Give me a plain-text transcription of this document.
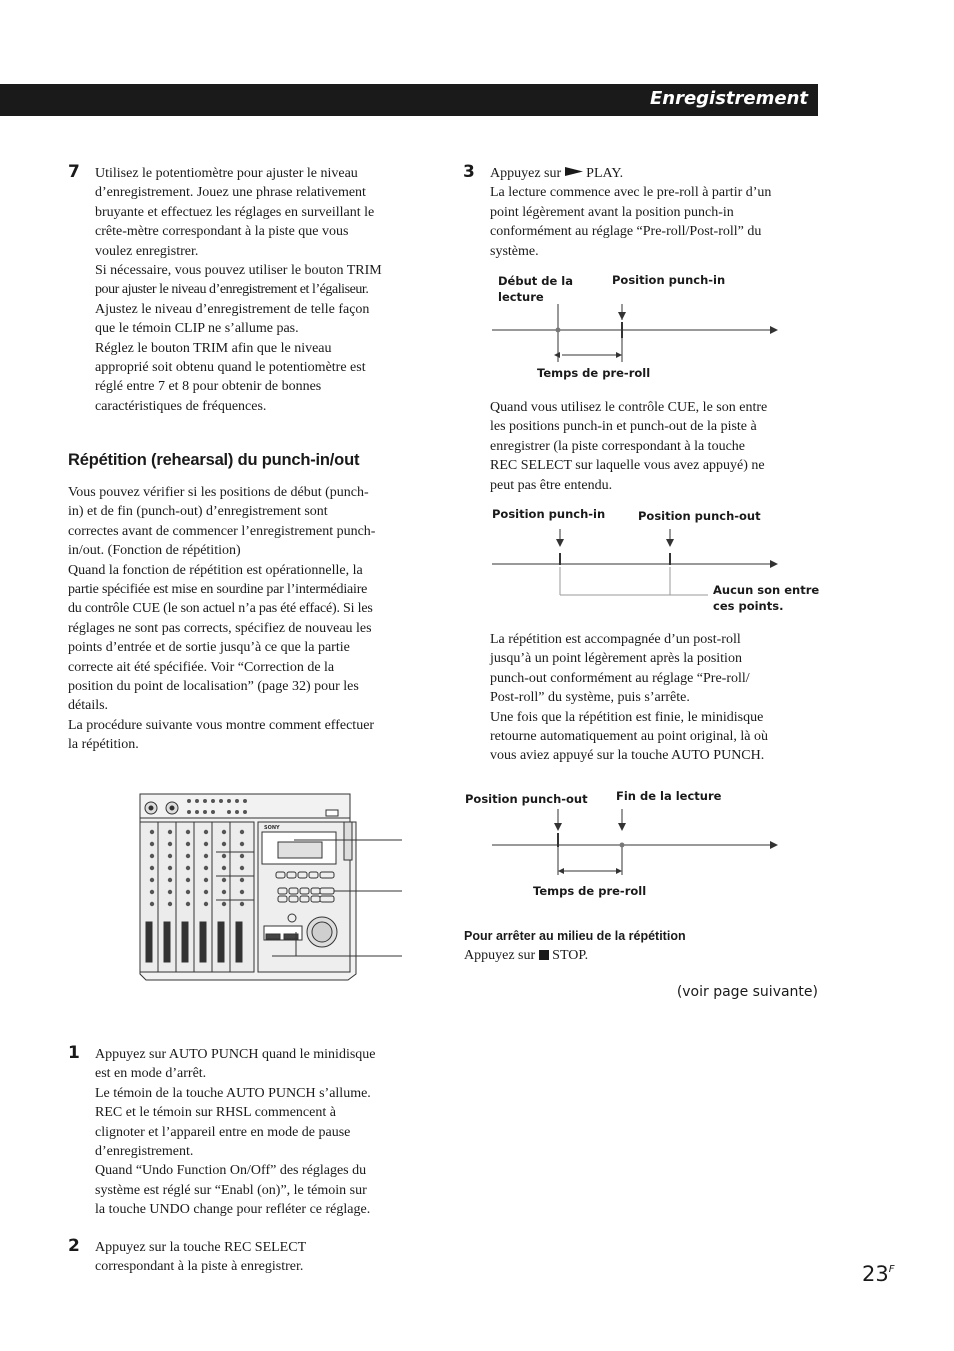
Enregistrement
7 Utilisez le potentiomètre pour ajuster le niveau

d’enregistrement. Jouez une phrase relativement

bruyante et effectuez les réglages en surveillant le

crête-mètre correspondant à la piste que vous

voulez enregistrer.

Si nécessaire, vous pouvez utiliser le bouton TRIM

pour ajuster le niveau d’enregistrement et l’égaliseur.

Ajustez le niveau d’enregistrement de telle façon

que le témoin CLIP ne s’allume pas.

Réglez le bouton TRIM afin que le niveau

approprié soit obtenu quand le potentiomètre est

réglé entre 7 et 8 pour obtenir de bonnes

caractéristiques de fréquences.

Répétition (rehearsal) du punch-in/out

Vous pouvez vérifier si les positions de début (punch-

in) et de fin (punch-out) d’enregistrement sont

correctes avant de commencer l’enregistrement punch-

in/out. (Fonction de répétition)

Quand la fonction de répétition est opérationnelle, la

partie spécifiée est mise en sourdine par l’intermédiaire

du contrôle CUE (le son actuel n’a pas été effacé). Si les

réglages ne sont pas corrects, spécifiez de nouveau les

points d’entrée et de sortie jusqu’à ce que la partie

correcte ait été spécifiée. Voir “Correction de la

position du point de localisation” (page 32) pour les

détails.

La procédure suivante vous montre comment effectuer

la répétition.

SONY
1 Appuyez sur AUTO PUNCH quand le minidisque

est en mode d’arrêt.

Le témoin de la touche AUTO PUNCH s’allume.

REC et le témoin sur RHSL commencent à

clignoter et l’appareil entre en mode de pause

d’enregistrement.

Quand “Undo Function On/Off” des réglages du

système est réglé sur “Enabl (on)”, le témoin sur

la touche UNDO change pour refléter ce réglage.

2 Appuyez sur la touche REC SELECT

correspondant à la piste à enregistrer.

3 Appuyez sur PLAY.

La lecture commence avec le pre-roll à partir d’un

point légèrement avant la position punch-in

conformément au réglage “Pre-roll/Post-roll” du

système.

Début de la
lecture
Position punch-in
Temps de pre-roll

Quand vous utilisez le contrôle CUE, le son entre

les positions punch-in et punch-out de la piste à

enregistrer (la piste correspondant à la touche

REC SELECT sur laquelle vous avez appuyé) ne

peut pas être entendu.

Position punch-in	Position punch-out
Aucun son entre
ces points.

La répétition est accompagnée d’un post-roll

jusqu’à un point légèrement après la position

punch-out conformément au réglage “Pre-roll/

Post-roll” du système, puis s’arrête.

Une fois que la répétition est finie, le minidisque

retourne automatiquement au point original, là où

vous aviez appuyé sur la touche AUTO PUNCH.

Position punch-out Fin de la lecture
Temps de pre-roll
Pour arrêter au milieu de la répétition

Appuyez sur STOP.

(voir page suivante)
$23^F$
